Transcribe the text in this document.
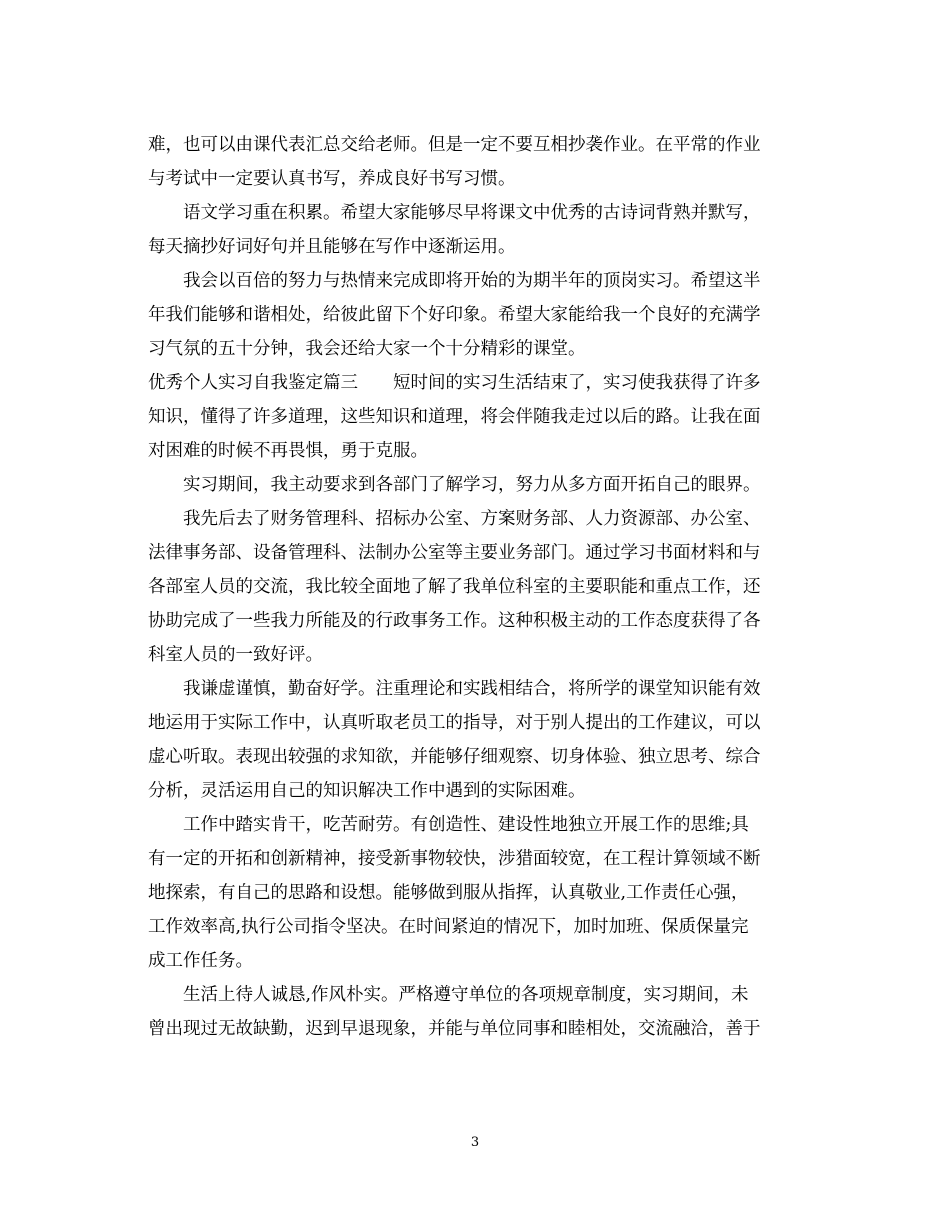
难，也可以由课代表汇总交给老师。但是一定不要互相抄袭作业。在平常的作业

与考试中一定要认真书写，养成良好书写习惯。

　　语文学习重在积累。希望大家能够尽早将课文中优秀的古诗词背熟并默写，

每天摘抄好词好句并且能够在写作中逐渐运用。

　　我会以百倍的努力与热情来完成即将开始的为期半年的顶岗实习。希望这半

年我们能够和谐相处，给彼此留下个好印象。希望大家能给我一个良好的充满学

习气氛的五十分钟，我会还给大家一个十分精彩的课堂。

优秀个人实习自我鉴定篇三　　短时间的实习生活结束了，实习使我获得了许多

知识，懂得了许多道理，这些知识和道理，将会伴随我走过以后的路。让我在面

对困难的时候不再畏惧，勇于克服。

　　实习期间，我主动要求到各部门了解学习，努力从多方面开拓自己的眼界。

　　我先后去了财务管理科、招标办公室、方案财务部、人力资源部、办公室、

法律事务部、设备管理科、法制办公室等主要业务部门。通过学习书面材料和与

各部室人员的交流，我比较全面地了解了我单位科室的主要职能和重点工作，还

协助完成了一些我力所能及的行政事务工作。这种积极主动的工作态度获得了各

科室人员的一致好评。

　　我谦虚谨慎，勤奋好学。注重理论和实践相结合，将所学的课堂知识能有效

地运用于实际工作中，认真听取老员工的指导，对于别人提出的工作建议，可以

虚心听取。表现出较强的求知欲，并能够仔细观察、切身体验、独立思考、综合

分析，灵活运用自己的知识解决工作中遇到的实际困难。

　　工作中踏实肯干，吃苦耐劳。有创造性、建设性地独立开展工作的思维;具

有一定的开拓和创新精神，接受新事物较快，涉猎面较宽，在工程计算领域不断

地探索，有自己的思路和设想。能够做到服从指挥，认真敬业,工作责任心强，

工作效率高,执行公司指令坚决。在时间紧迫的情况下，加时加班、保质保量完

成工作任务。

　　生活上待人诚恳,作风朴实。严格遵守单位的各项规章制度，实习期间，未

曾出现过无故缺勤，迟到早退现象，并能与单位同事和睦相处，交流融洽，善于

3
